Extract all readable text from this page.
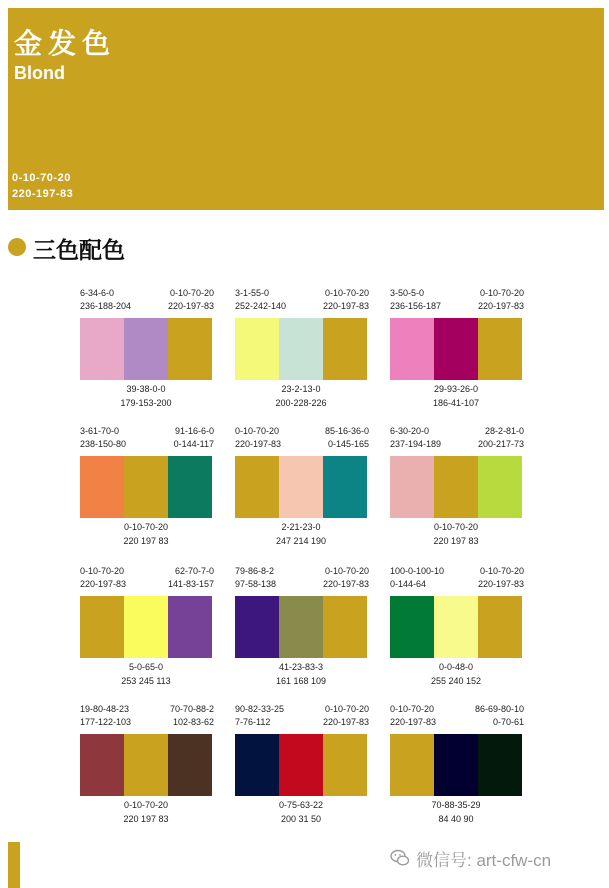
金发色
Blond
0-10-70-20
220-197-83
三色配色
6-34-6-0
236-188-204
0-10-70-20
220-197-83
39-38-0-0
179-153-200
3-1-55-0
252-242-140
0-10-70-20
220-197-83
23-2-13-0
200-228-226
3-50-5-0
236-156-187
0-10-70-20
220-197-83
29-93-26-0
186-41-107
3-61-70-0
238-150-80
91-16-6-0
0-144-117
0-10-70-20
220 197 83
0-10-70-20
220-197-83
85-16-36-0
0-145-165
2-21-23-0
247 214 190
6-30-20-0
237-194-189
28-2-81-0
200-217-73
0-10-70-20
220 197 83
0-10-70-20
220-197-83
62-70-7-0
141-83-157
5-0-65-0
253 245 113
79-86-8-2
97-58-138
0-10-70-20
220-197-83
41-23-83-3
161 168 109
100-0-100-10
0-144-64
0-10-70-20
220-197-83
0-0-48-0
255 240 152
19-80-48-23
177-122-103
70-70-88-2
102-83-62
0-10-70-20
220 197 83
90-82-33-25
7-76-112
0-10-70-20
220-197-83
0-75-63-22
200 31 50
0-10-70-20
220-197-83
86-69-80-10
0-70-61
70-88-35-29
84 40 90
微信号: art-cfw-cn
